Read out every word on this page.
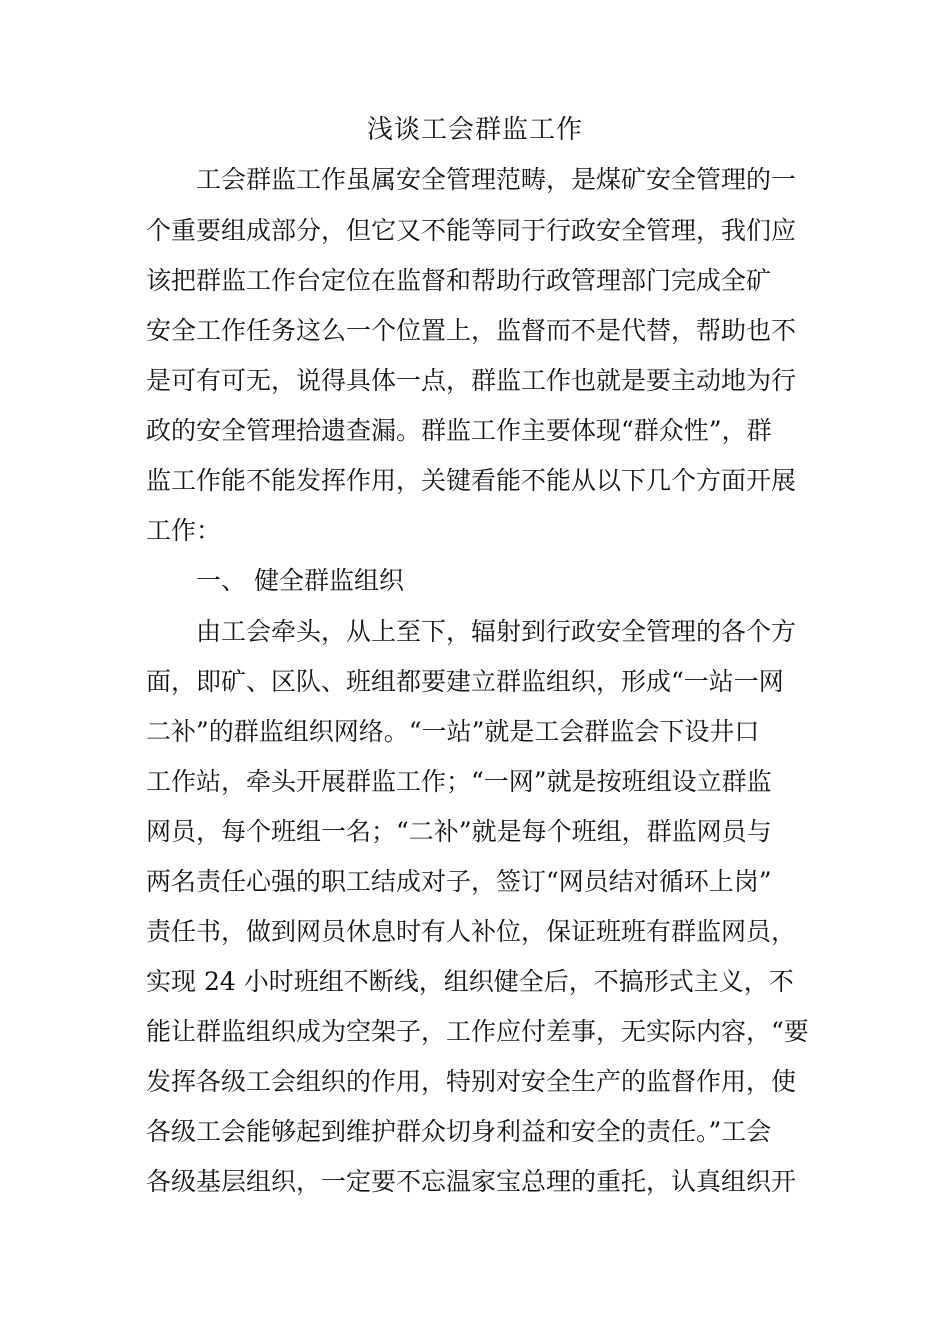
浅谈工会群监工作

工会群监工作虽属安全管理范畴，是煤矿安全管理的一

个重要组成部分，但它又不能等同于行政安全管理，我们应

该把群监工作台定位在监督和帮助行政管理部门完成全矿

安全工作任务这么一个位置上，监督而不是代替，帮助也不

是可有可无，说得具体一点，群监工作也就是要主动地为行

政的安全管理拾遗查漏。群监工作主要体现“群众性”，群

监工作能不能发挥作用，关键看能不能从以下几个方面开展

工作：

一、 健全群监组织

由工会牵头，从上至下，辐射到行政安全管理的各个方

面，即矿、区队、班组都要建立群监组织，形成“一站一网

二补”的群监组织网络。“一站”就是工会群监会下设井口

工作站，牵头开展群监工作；“一网”就是按班组设立群监

网员，每个班组一名；“二补”就是每个班组，群监网员与

两名责任心强的职工结成对子，签订“网员结对循环上岗”

责任书，做到网员休息时有人补位，保证班班有群监网员，

实现 24 小时班组不断线，组织健全后，不搞形式主义，不

能让群监组织成为空架子，工作应付差事，无实际内容，“要

发挥各级工会组织的作用，特别对安全生产的监督作用，使

各级工会能够起到维护群众切身利益和安全的责任。”工会

各级基层组织，一定要不忘温家宝总理的重托，认真组织开
